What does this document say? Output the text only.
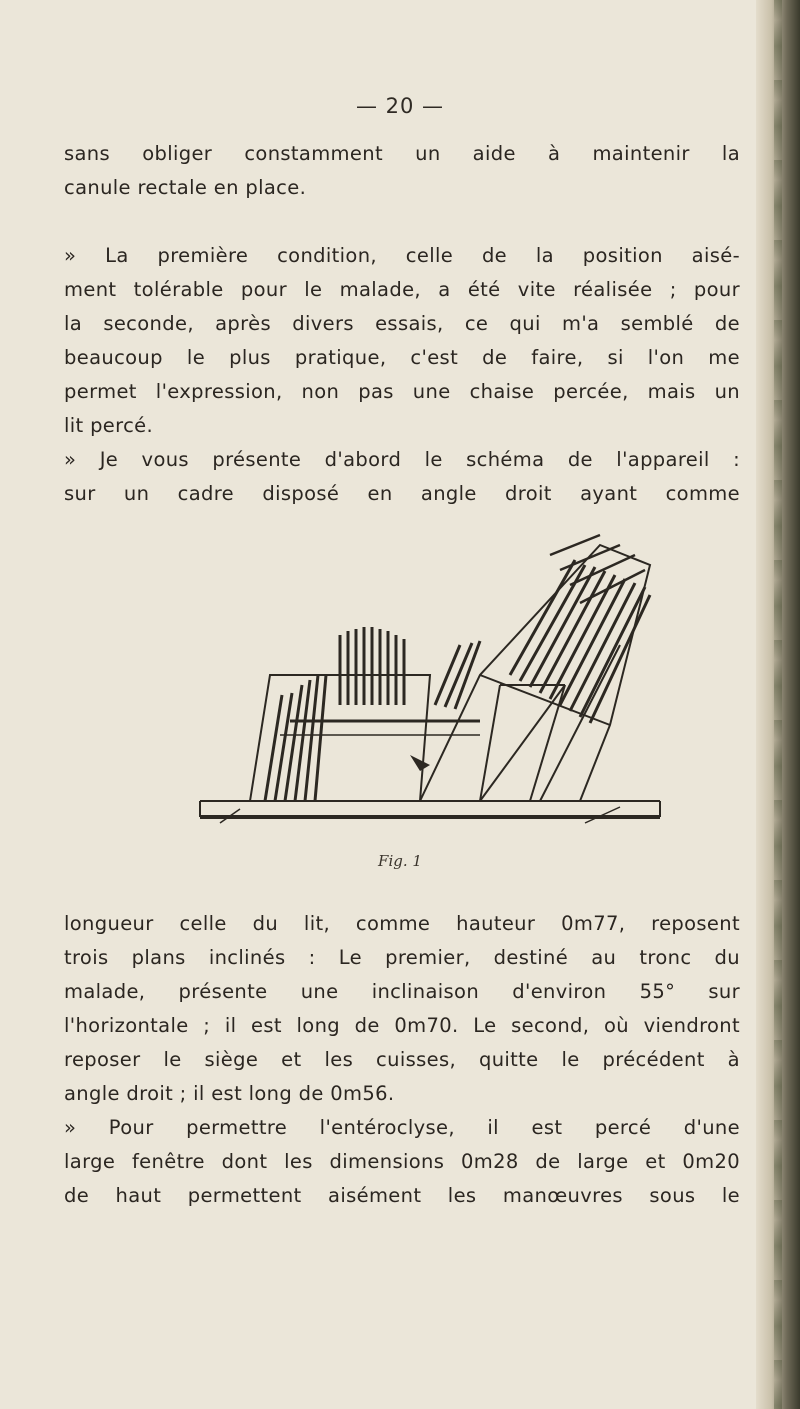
— 20 —
sans obliger constamment un aide à maintenir la
canule rectale en place.
» La première condition, celle de la position aisé-
ment tolérable pour le malade, a été vite réalisée ; pour
la seconde, après divers essais, ce qui m'a semblé de
beaucoup le plus pratique, c'est de faire, si l'on me
permet l'expression, non pas une chaise percée, mais un
lit percé.
» Je vous présente d'abord le schéma de l'appareil :
sur un cadre disposé en angle droit ayant comme
Fig. 1
longueur celle du lit, comme hauteur 0m77, reposent
trois plans inclinés : Le premier, destiné au tronc du
malade, présente une inclinaison d'environ 55° sur
l'horizontale ; il est long de 0m70. Le second, où viendront
reposer le siège et les cuisses, quitte le précédent à
angle droit ; il est long de 0m56.
» Pour permettre l'entéroclyse, il est percé d'une
large fenêtre dont les dimensions 0m28 de large et 0m20
de haut permettent aisément les manœuvres sous le
